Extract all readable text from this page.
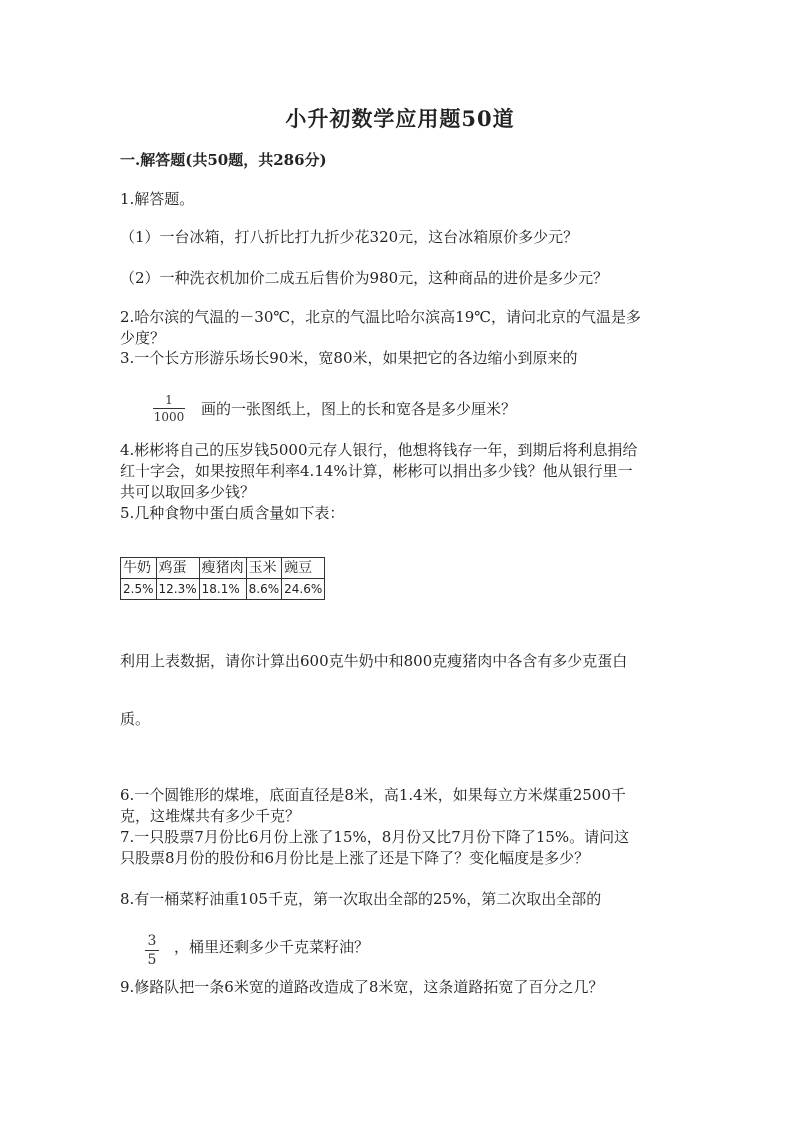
小升初数学应用题50道
一.解答题(共50题，共286分)
1.解答题。
（1）一台冰箱，打八折比打九折少花320元，这台冰箱原价多少元？
（2）一种洗衣机加价二成五后售价为980元，这种商品的进价是多少元？
2.哈尔滨的气温的－30℃，北京的气温比哈尔滨高19℃，请问北京的气温是多
少度？
3.一个长方形游乐场长90米，宽80米，如果把它的各边缩小到原来的
1
1000 画的一张图纸上，图上的长和宽各是多少厘米？
4.彬彬将自己的压岁钱5000元存人银行，他想将钱存一年，到期后将利息捐给
红十字会，如果按照年利率4.14%计算，彬彬可以捐出多少钱？他从银行里一
共可以取回多少钱？
5.几种食物中蛋白质含量如下表：
牛奶	鸡蛋	瘦猪肉	玉米	豌豆
2.5%	12.3%	18.1%	8.6%	24.6%
利用上表数据，请你计算出600克牛奶中和800克瘦猪肉中各含有多少克蛋白
质。
6.一个圆锥形的煤堆，底面直径是8米，高1.4米，如果每立方米煤重2500千
克，这堆煤共有多少千克？
7.一只股票7月份比6月份上涨了15%，8月份又比7月份下降了15%。请问这
只股票8月份的股份和6月份比是上涨了还是下降了？变化幅度是多少？
8.有一桶菜籽油重105千克，第一次取出全部的25%，第二次取出全部的
3
5
，桶里还剩多少千克菜籽油？
9.修路队把一条6米宽的道路改造成了8米宽，这条道路拓宽了百分之几？
